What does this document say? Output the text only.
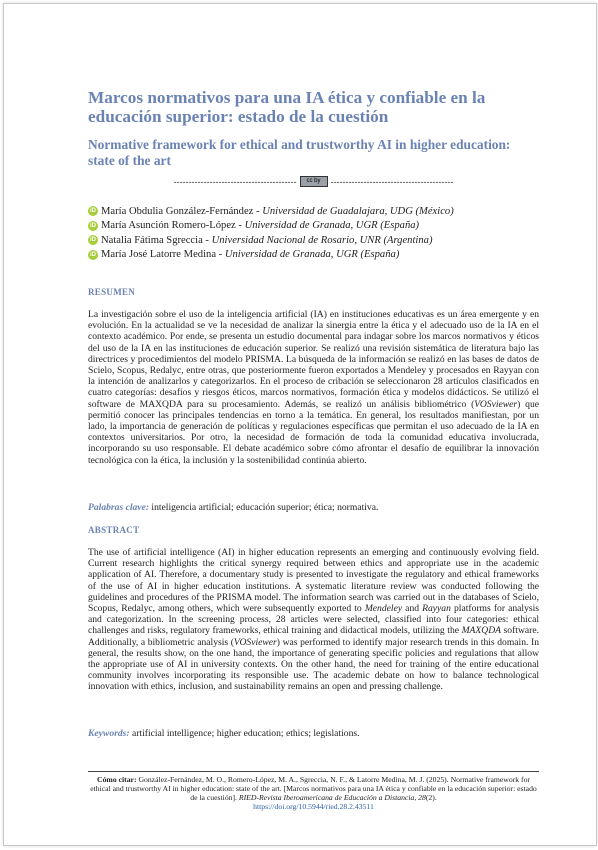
Marcos normativos para una IA ética y confiable en la educación superior: estado de la cuestión
Normative framework for ethical and trustworthy AI in higher education: state of the art
-----------------------------------------	cc by	-----------------------------------------
iD María Obdulia González-Fernández - Universidad de Guadalajara, UDG (México)
iD María Asunción Romero-López - Universidad de Granada, UGR (España)
iD Natalia Fátima Sgreccia - Universidad Nacional de Rosario, UNR (Argentina)
iD María José Latorre Medina - Universidad de Granada, UGR (España)
RESUMEN

La investigación sobre el uso de la inteligencia artificial (IA) en instituciones educativas es un área emergente y en evolución. En la actualidad se ve la necesidad de analizar la sinergia entre la ética y el adecuado uso de la IA en el contexto académico. Por ende, se presenta un estudio documental para indagar sobre los marcos normativos y éticos del uso de la IA en las instituciones de educación superior. Se realizó una revisión sistemática de literatura bajo las directrices y procedimientos del modelo PRISMA. La búsqueda de la información se realizó en las bases de datos de Scielo, Scopus, Redalyc, entre otras, que posteriormente fueron exportados a Mendeley y procesados en Rayyan con la intención de analizarlos y categorizarlos. En el proceso de cribación se seleccionaron 28 artículos clasificados en cuatro categorías: desafíos y riesgos éticos, marcos normativos, formación ética y modelos didácticos. Se utilizó el software de MAXQDA para su procesamiento. Además, se realizó un análisis bibliométrico (VOSviewer) que permitió conocer las principales tendencias en torno a la temática. En general, los resultados manifiestan, por un lado, la importancia de generación de políticas y regulaciones específicas que permitan el uso adecuado de la IA en contextos universitarios. Por otro, la necesidad de formación de toda la comunidad educativa involucrada, incorporando su uso responsable. El debate académico sobre cómo afrontar el desafío de equilibrar la innovación tecnológica con la ética, la inclusión y la sostenibilidad continúa abierto.

Palabras clave: inteligencia artificial; educación superior; ética; normativa.

ABSTRACT

The use of artificial intelligence (AI) in higher education represents an emerging and continuously evolving field. Current research highlights the critical synergy required between ethics and appropriate use in the academic application of AI. Therefore, a documentary study is presented to investigate the regulatory and ethical frameworks of the use of AI in higher education institutions. A systematic literature review was conducted following the guidelines and procedures of the PRISMA model. The information search was carried out in the databases of Scielo, Scopus, Redalyc, among others, which were subsequently exported to Mendeley and Rayyan platforms for analysis and categorization. In the screening process, 28 articles were selected, classified into four categories: ethical challenges and risks, regulatory frameworks, ethical training and didactical models, utilizing the MAXQDA software. Additionally, a bibliometric analysis (VOSviewer) was performed to identify major research trends in this domain. In general, the results show, on the one hand, the importance of generating specific policies and regulations that allow the appropriate use of AI in university contexts. On the other hand, the need for training of the entire educational community involves incorporating its responsible use. The academic debate on how to balance technological innovation with ethics, inclusion, and sustainability remains an open and pressing challenge.

Keywords: artificial intelligence; higher education; ethics; legislations.

Cómo citar: González-Fernández, M. O., Romero-López, M. A., Sgreccia, N. F., & Latorre Medina, M. J. (2025). Normative framework for ethical and trustworthy AI in higher education: state of the art. [Marcos normativos para una IA ética y confiable en la educación superior: estado de la cuestión]. RIED-Revista Iberoamericana de Educación a Distancia, 28(2).
https://doi.org/10.5944/ried.28.2.43511
